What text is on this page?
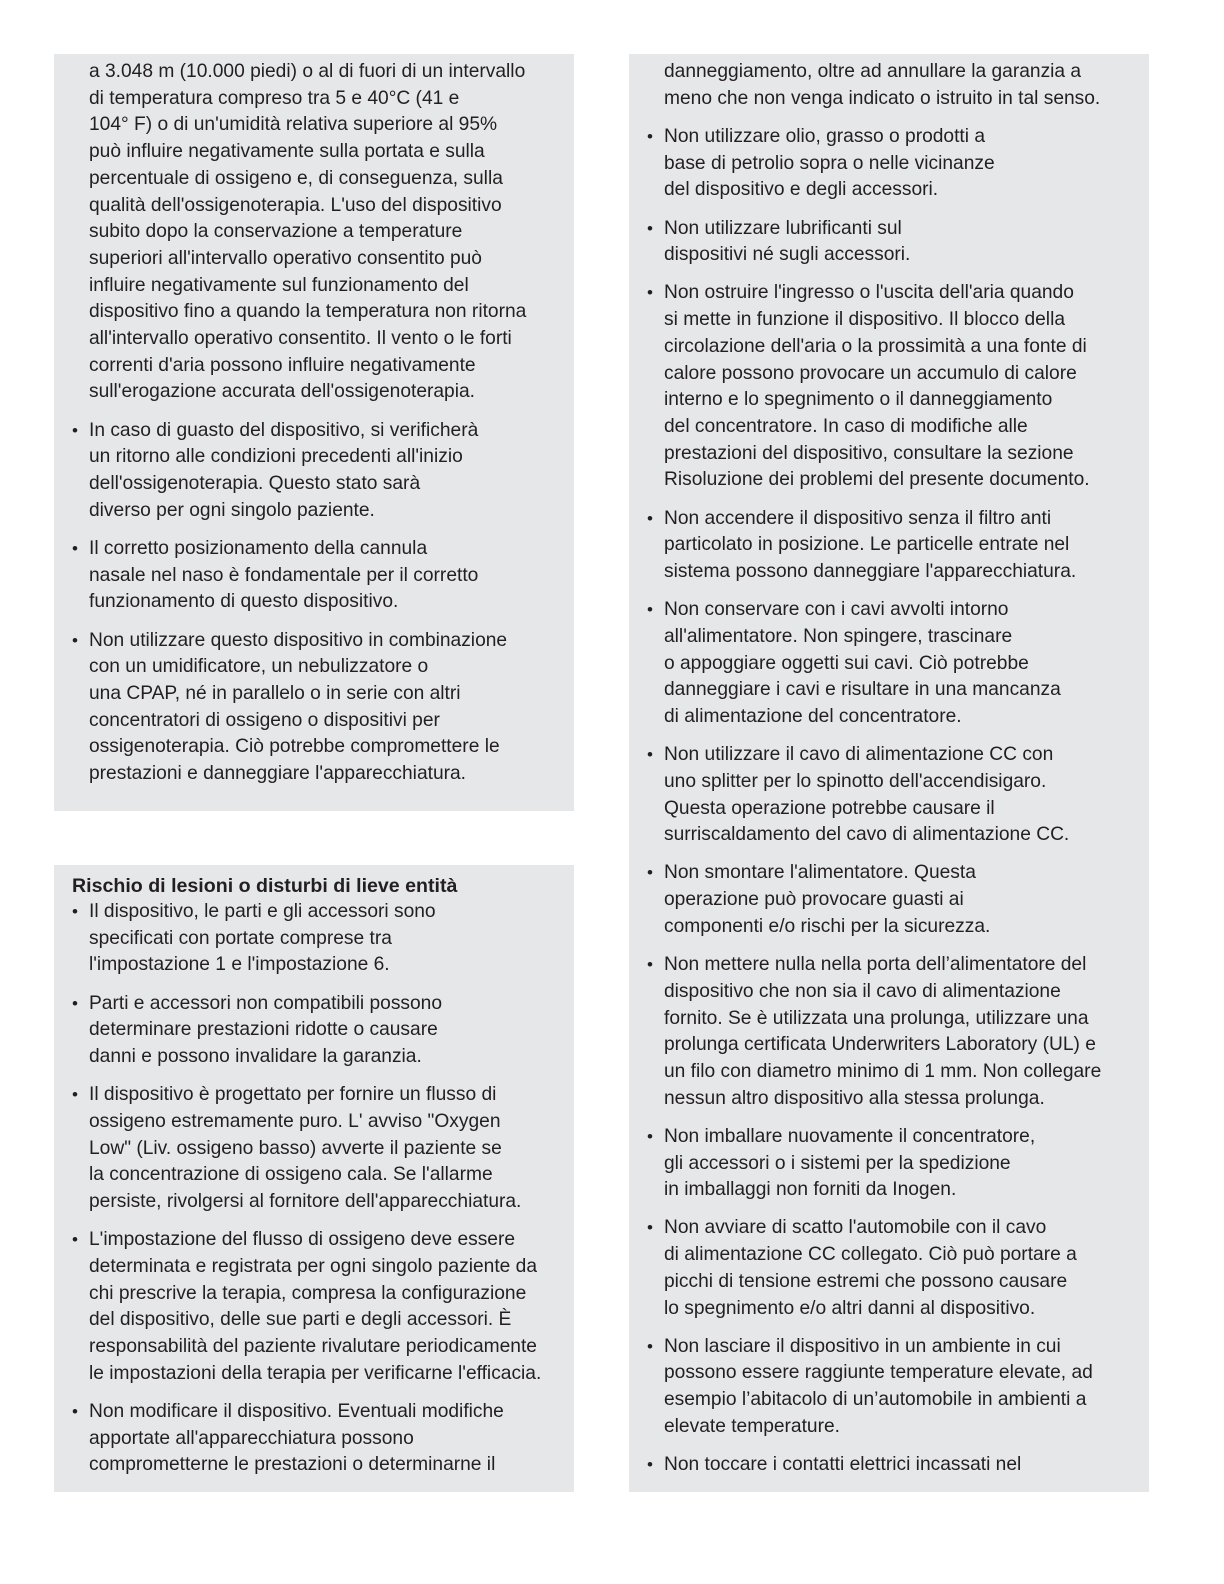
a 3.048 m (10.000 piedi) o al di fuori di un intervallo
di temperatura compreso tra 5 e 40°C (41 e
104° F) o di un'umidità relativa superiore al 95%
può influire negativamente sulla portata e sulla
percentuale di ossigeno e, di conseguenza, sulla
qualità dell'ossigenoterapia. L'uso del dispositivo
subito dopo la conservazione a temperature
superiori all'intervallo operativo consentito può
influire negativamente sul funzionamento del
dispositivo fino a quando la temperatura non ritorna
all'intervallo operativo consentito. Il vento o le forti
correnti d'aria possono influire negativamente
sull'erogazione accurata dell'ossigenoterapia.
• In caso di guasto del dispositivo, si verificherà
un ritorno alle condizioni precedenti all'inizio
dell'ossigenoterapia. Questo stato sarà
diverso per ogni singolo paziente.
• Il corretto posizionamento della cannula
nasale nel naso è fondamentale per il corretto
funzionamento di questo dispositivo.
• Non utilizzare questo dispositivo in combinazione
con un umidificatore, un nebulizzatore o
una CPAP, né in parallelo o in serie con altri
concentratori di ossigeno o dispositivi per
ossigenoterapia. Ciò potrebbe compromettere le
prestazioni e danneggiare l'apparecchiatura.
Rischio di lesioni o disturbi di lieve entità
• Il dispositivo, le parti e gli accessori sono
specificati con portate comprese tra
l'impostazione 1 e l'impostazione 6.
• Parti e accessori non compatibili possono
determinare prestazioni ridotte o causare
danni e possono invalidare la garanzia.
• Il dispositivo è progettato per fornire un flusso di
ossigeno estremamente puro. L' avviso "Oxygen
Low" (Liv. ossigeno basso) avverte il paziente se
la concentrazione di ossigeno cala. Se l'allarme
persiste, rivolgersi al fornitore dell'apparecchiatura.
• L'impostazione del flusso di ossigeno deve essere
determinata e registrata per ogni singolo paziente da
chi prescrive la terapia, compresa la configurazione
del dispositivo, delle sue parti e degli accessori. È
responsabilità del paziente rivalutare periodicamente
le impostazioni della terapia per verificarne l'efficacia.
• Non modificare il dispositivo. Eventuali modifiche
apportate all'apparecchiatura possono
comprometterne le prestazioni o determinarne il
danneggiamento, oltre ad annullare la garanzia a
meno che non venga indicato o istruito in tal senso.
• Non utilizzare olio, grasso o prodotti a
base di petrolio sopra o nelle vicinanze
del dispositivo e degli accessori.
• Non utilizzare lubrificanti sul
dispositivi né sugli accessori.
• Non ostruire l'ingresso o l'uscita dell'aria quando
si mette in funzione il dispositivo. Il blocco della
circolazione dell'aria o la prossimità a una fonte di
calore possono provocare un accumulo di calore
interno e lo spegnimento o il danneggiamento
del concentratore. In caso di modifiche alle
prestazioni del dispositivo, consultare la sezione
Risoluzione dei problemi del presente documento.
• Non accendere il dispositivo senza il filtro anti
particolato in posizione. Le particelle entrate nel
sistema possono danneggiare l'apparecchiatura.
• Non conservare con i cavi avvolti intorno
all'alimentatore. Non spingere, trascinare
o appoggiare oggetti sui cavi. Ciò potrebbe
danneggiare i cavi e risultare in una mancanza
di alimentazione del concentratore.
• Non utilizzare il cavo di alimentazione CC con
uno splitter per lo spinotto dell'accendisigaro.
Questa operazione potrebbe causare il
surriscaldamento del cavo di alimentazione CC.
• Non smontare l'alimentatore. Questa
operazione può provocare guasti ai
componenti e/o rischi per la sicurezza.
• Non mettere nulla nella porta dell’alimentatore del
dispositivo che non sia il cavo di alimentazione
fornito. Se è utilizzata una prolunga, utilizzare una
prolunga certificata Underwriters Laboratory (UL) e
un filo con diametro minimo di 1 mm. Non collegare
nessun altro dispositivo alla stessa prolunga.
• Non imballare nuovamente il concentratore,
gli accessori o i sistemi per la spedizione
in imballaggi non forniti da Inogen.
• Non avviare di scatto l'automobile con il cavo
di alimentazione CC collegato. Ciò può portare a
picchi di tensione estremi che possono causare
lo spegnimento e/o altri danni al dispositivo.
• Non lasciare il dispositivo in un ambiente in cui
possono essere raggiunte temperature elevate, ad
esempio l’abitacolo di un’automobile in ambienti a
elevate temperature.
• Non toccare i contatti elettrici incassati nel
